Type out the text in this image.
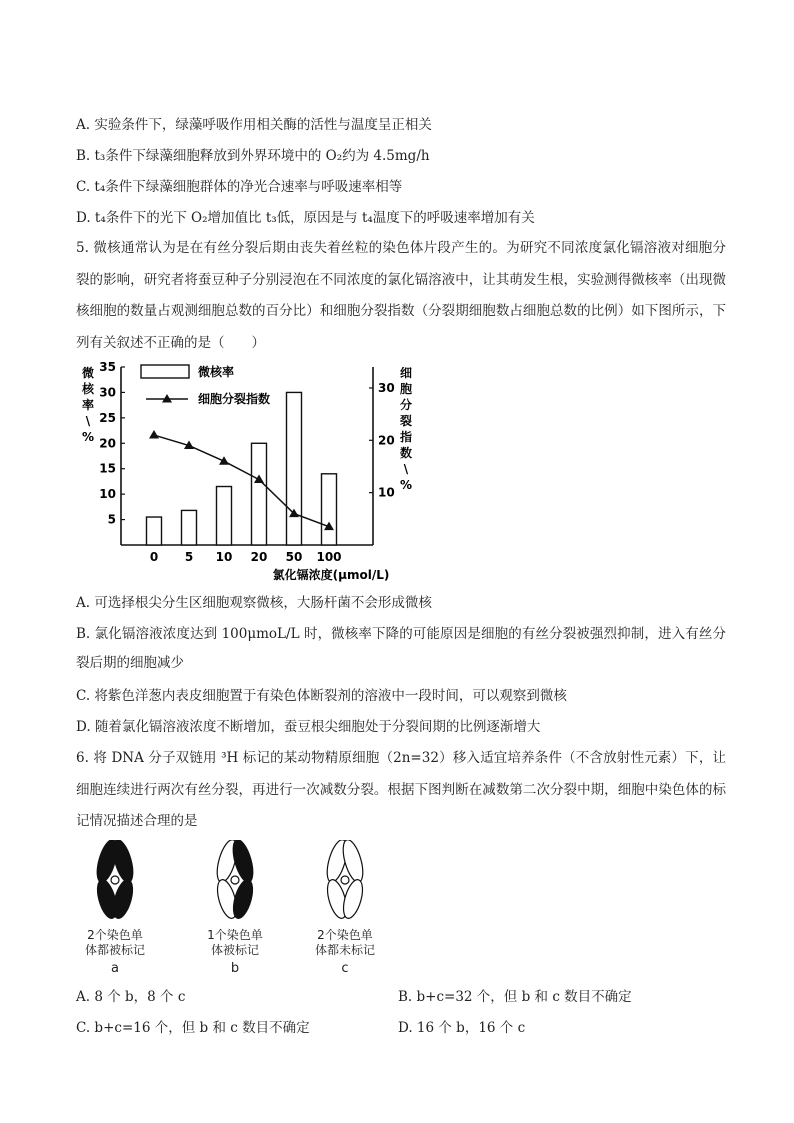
A. 实验条件下，绿藻呼吸作用相关酶的活性与温度呈正相关
B. t₃条件下绿藻细胞释放到外界环境中的 O₂约为 4.5mg/h
C. t₄条件下绿藻细胞群体的净光合速率与呼吸速率相等
D. t₄条件下的光下 O₂增加值比 t₃低，原因是与 t₄温度下的呼吸速率增加有关
5. 微核通常认为是在有丝分裂后期由丧失着丝粒的染色体片段产生的。为研究不同浓度氯化镉溶液对细胞分裂的影响，研究者将蚕豆种子分别浸泡在不同浓度的氯化镉溶液中，让其萌发生根，实验测得微核率（出现微核细胞的数量占观测细胞总数的百分比）和细胞分裂指数（分裂期细胞数占细胞总数的比例）如下图所示，下列有关叙述不正确的是（　　）
5
10
15
20
25
30
35
10
20
30
微
核
率
\
%
细
胞
分
裂
指
数
\
%
0 5 10 20 50 100
氯化镉浓度(μmol/L)
微核率
细胞分裂指数
A. 可选择根尖分生区细胞观察微核，大肠杆菌不会形成微核
B. 氯化镉溶液浓度达到 100μmoL/L 时，微核率下降的可能原因是细胞的有丝分裂被强烈抑制，进入有丝分裂后期的细胞减少
C. 将紫色洋葱内表皮细胞置于有染色体断裂剂的溶液中一段时间，可以观察到微核
D. 随着氯化镉溶液浓度不断增加，蚕豆根尖细胞处于分裂间期的比例逐渐增大
6. 将 DNA 分子双链用 ³H 标记的某动物精原细胞（2n=32）移入适宜培养条件（不含放射性元素）下，让细胞连续进行两次有丝分裂，再进行一次减数分裂。根据下图判断在减数第二次分裂中期，细胞中染色体的标记情况描述合理的是
2个染色单
体都被标记
a
1个染色单
体被标记
b
2个染色单
体都未标记
c
A. 8 个 b，8 个 c	B. b+c=32 个，但 b 和 c 数目不确定
C. b+c=16 个，但 b 和 c 数目不确定	D. 16 个 b，16 个 c
